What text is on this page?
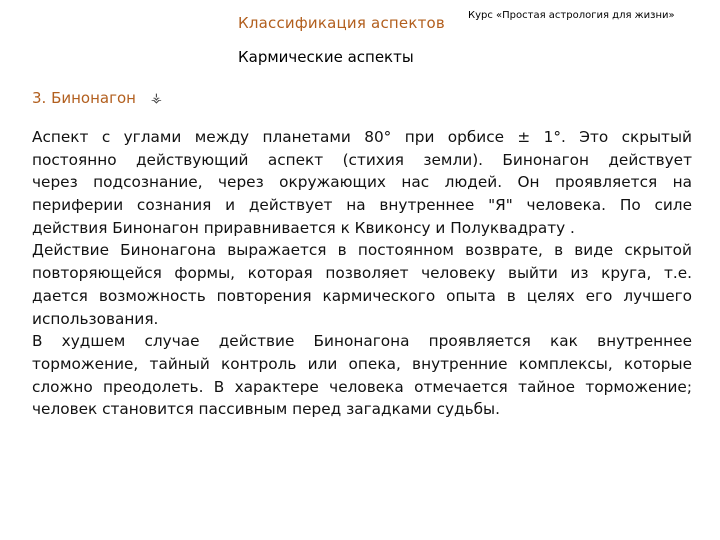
Классификация аспектов Курс «Простая астрология для жизни»
Кармические аспекты
3. Бинонагон ⚶
Аспект с углами между планетами 80° при орбисе ± 1°. Это скрытый
постоянно действующий аспект (стихия земли). Бинонагон действует
через подсознание, через окружающих нас людей. Он проявляется на
периферии сознания и действует на внутреннее "Я" человека. По силе
действия Бинонагон приравнивается к Квиконсу и Полуквадрату .
Действие Бинонагона выражается в постоянном возврате, в виде скрытой
повторяющейся формы, которая позволяет человеку выйти из круга, т.е.
дается возможность повторения кармического опыта в целях его лучшего
использования.
В худшем случае действие Бинонагона проявляется как внутреннее
торможение, тайный контроль или опека, внутренние комплексы, которые
сложно преодолеть. В характере человека отмечается тайное торможение;
человек становится пассивным перед загадками судьбы.
